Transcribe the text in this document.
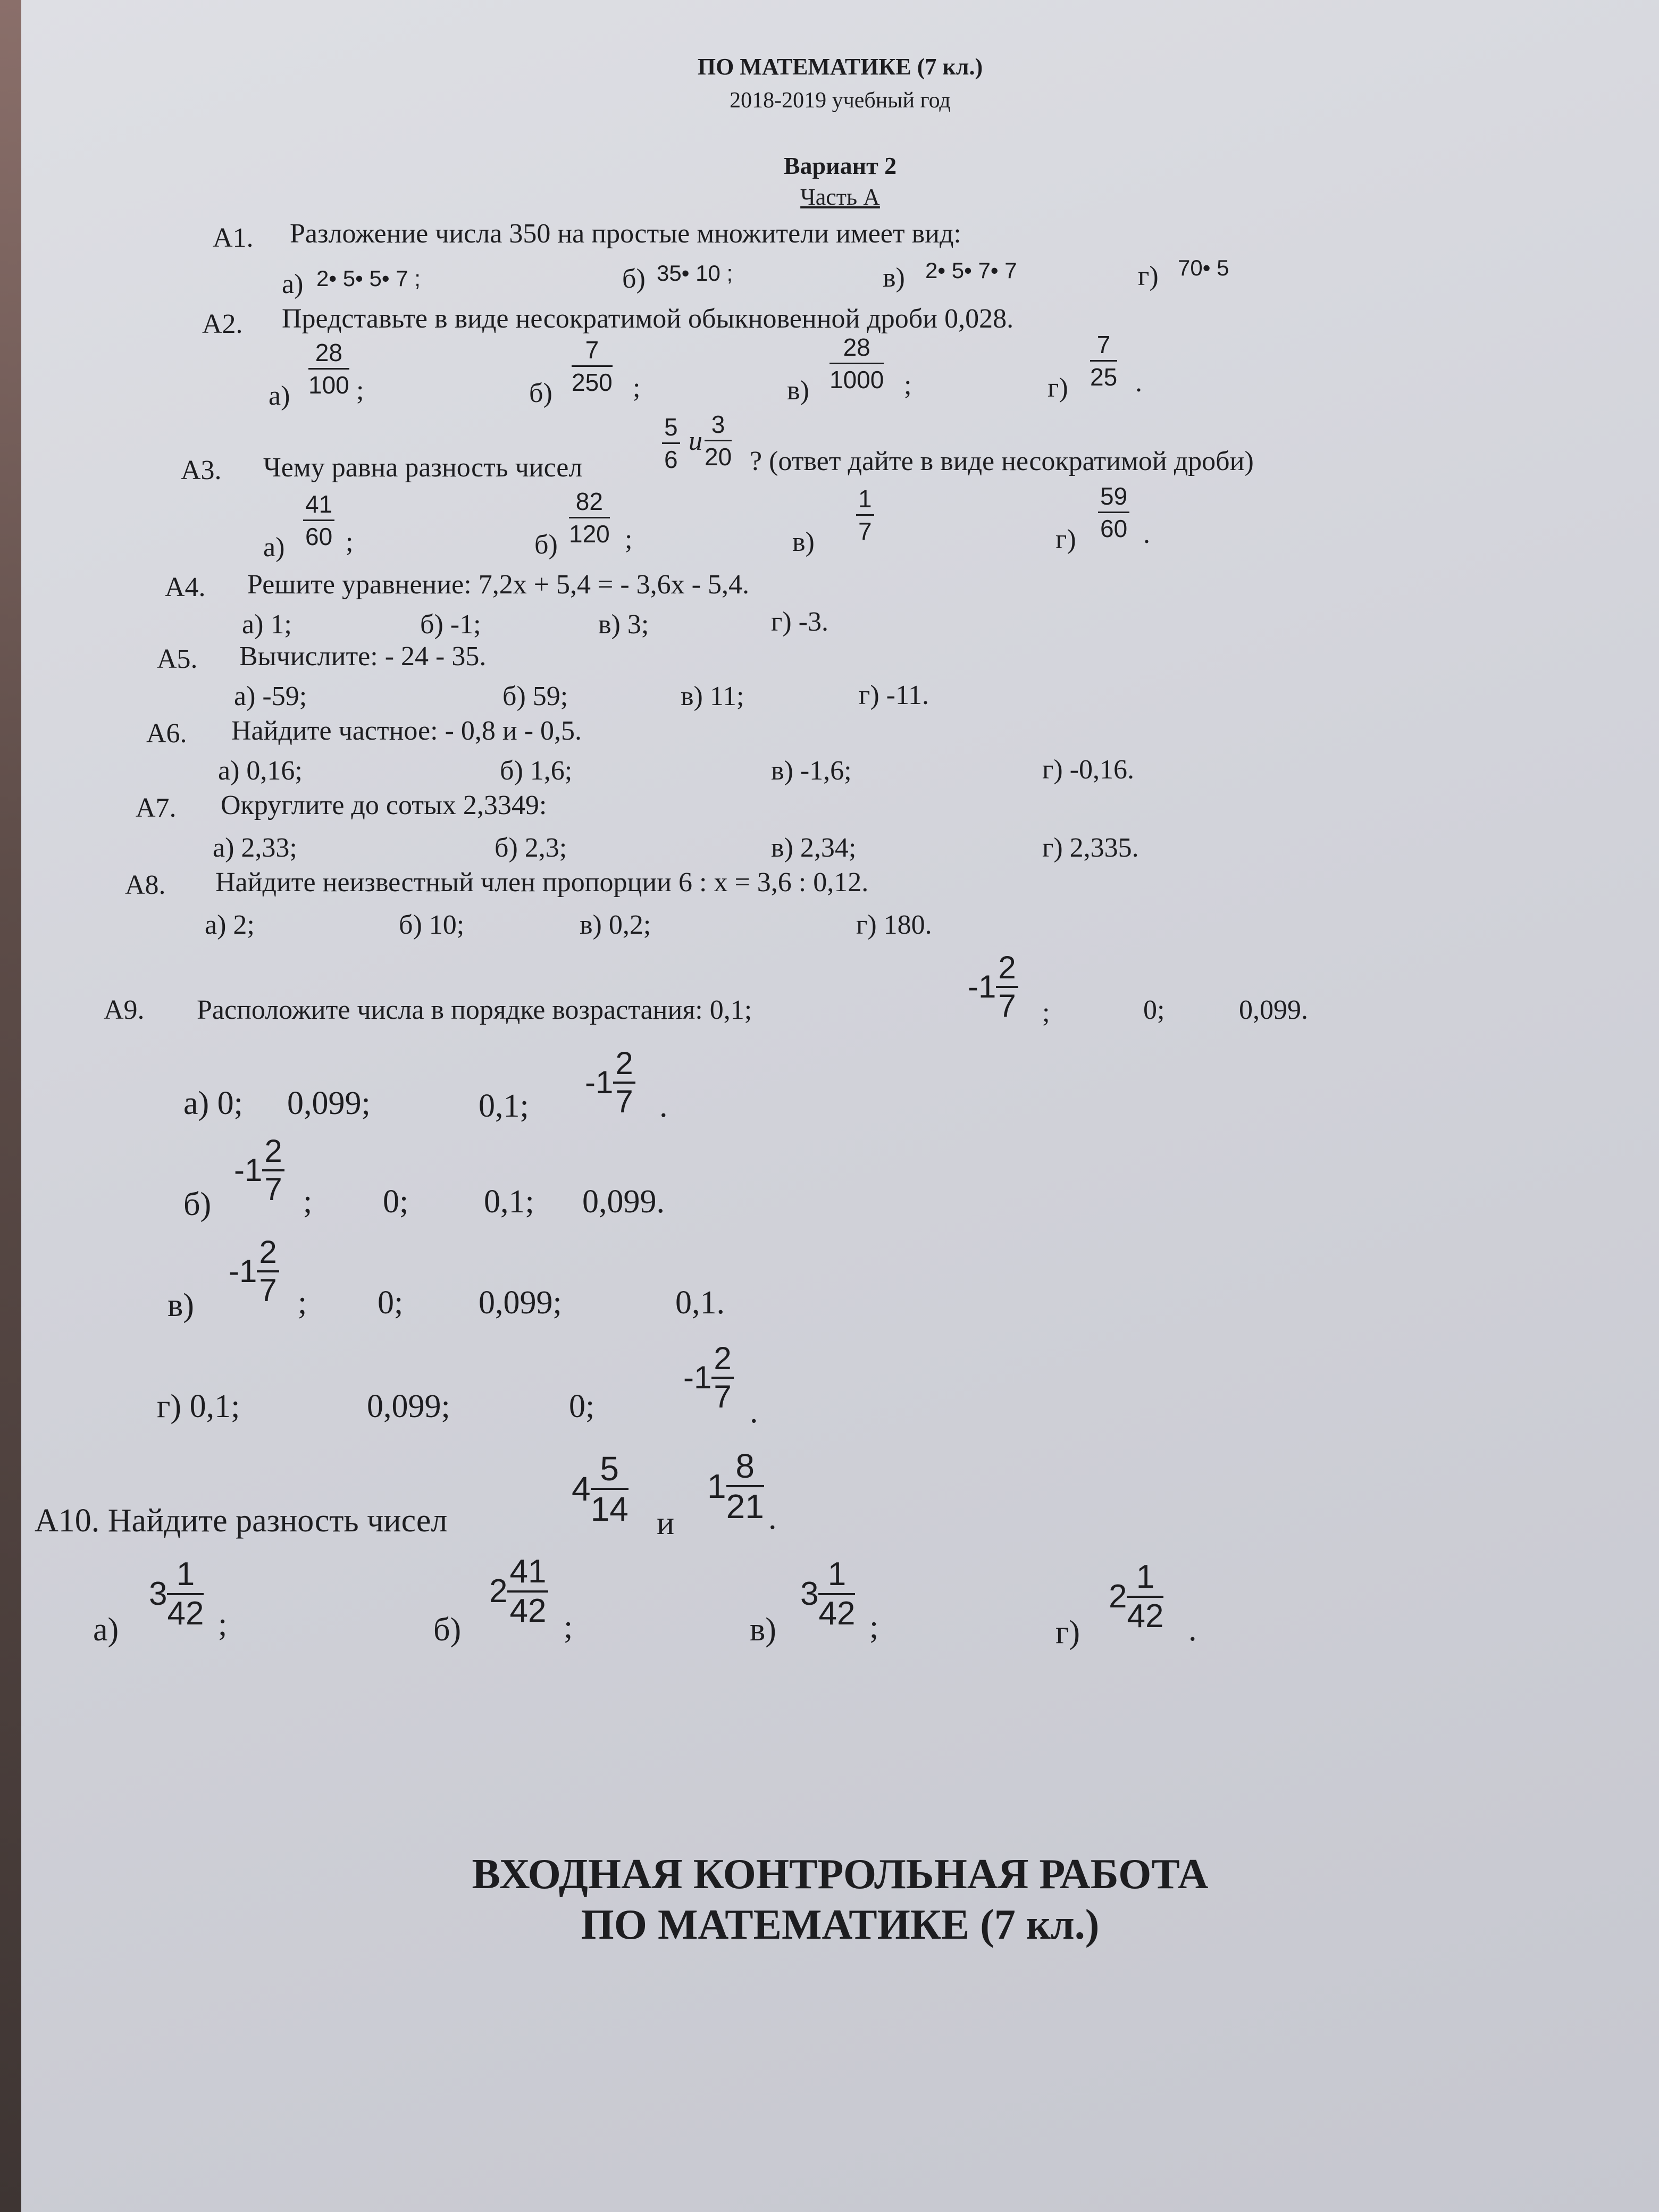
ПО МАТЕМАТИКЕ (7 кл.)
2018-2019 учебный год
Вариант 2
Часть А
А1. Разложение числа 350 на простые множители имеет вид:
а) 2• 5• 5• 7 ;	б) 35• 10 ;	в) 2• 5• 7• 7	г) 70• 5
А2. Представьте в виде несократимой обыкновенной дроби 0,028.
$а) \frac{28}{100}$ ;	$б) \frac{7}{250}$ ;	$в) \frac{28}{1000}$ ;	$г) \frac{7}{25}$ .
А3. Чему равна разность чисел	$\frac{5}{6}$ и $\frac{3}{20}$ ? (ответ дайте в виде несократимой дроби)
$а) \frac{41}{60}$ ;	$б) \frac{82}{120}$ ;	$в) \frac{1}{7}$	$г) \frac{59}{60}$ .
А4. Решите уравнение: 7,2х + 5,4 = - 3,6х - 5,4.
а) 1;	б) -1;	в) 3;	г) -3.
А5. Вычислите: - 24 - 35.
а) -59;	б) 59;	в) 11;	г) -11.
А6. Найдите частное: - 0,8 и - 0,5.
а) 0,16;	б) 1,6;	в) -1,6;	г) -0,16.
А7. Округлите до сотых 2,3349:
а) 2,33;	б) 2,3;	в) 2,34;	г) 2,335.
А8. Найдите неизвестный член пропорции 6 : х = 3,6 : 0,12.
а) 2;	б) 10;	в) 0,2;	г) 180.
А9. Расположите числа в порядке возрастания: 0,1;
$-1 \frac{2}{7}$ ;	0;	0,099.
а) 0; 0,099;	0,1;
$-1 \frac{2}{7}$ .
б)
$-1 \frac{2}{7}$ ; 0; 0,1; 0,099.
в)
$-1 \frac{2}{7}$ ; 0; 0,099;	0,1.
г) 0,1;	0,099;	0;
$-1 \frac{2}{7}$ .
А10. Найдите разность чисел
$4 \frac{5}{14}$ и
$1 \frac{8}{21}$ .
а)
$3 \frac{1}{42}$ ;	б)
$2 \frac{41}{42}$ ;	в)
$3 \frac{1}{42}$ ;	г)
$2 \frac{1}{42}$ .
ВХОДНАЯ КОНТРОЛЬНАЯ РАБОТА
ПО МАТЕМАТИКЕ (7 кл.)
